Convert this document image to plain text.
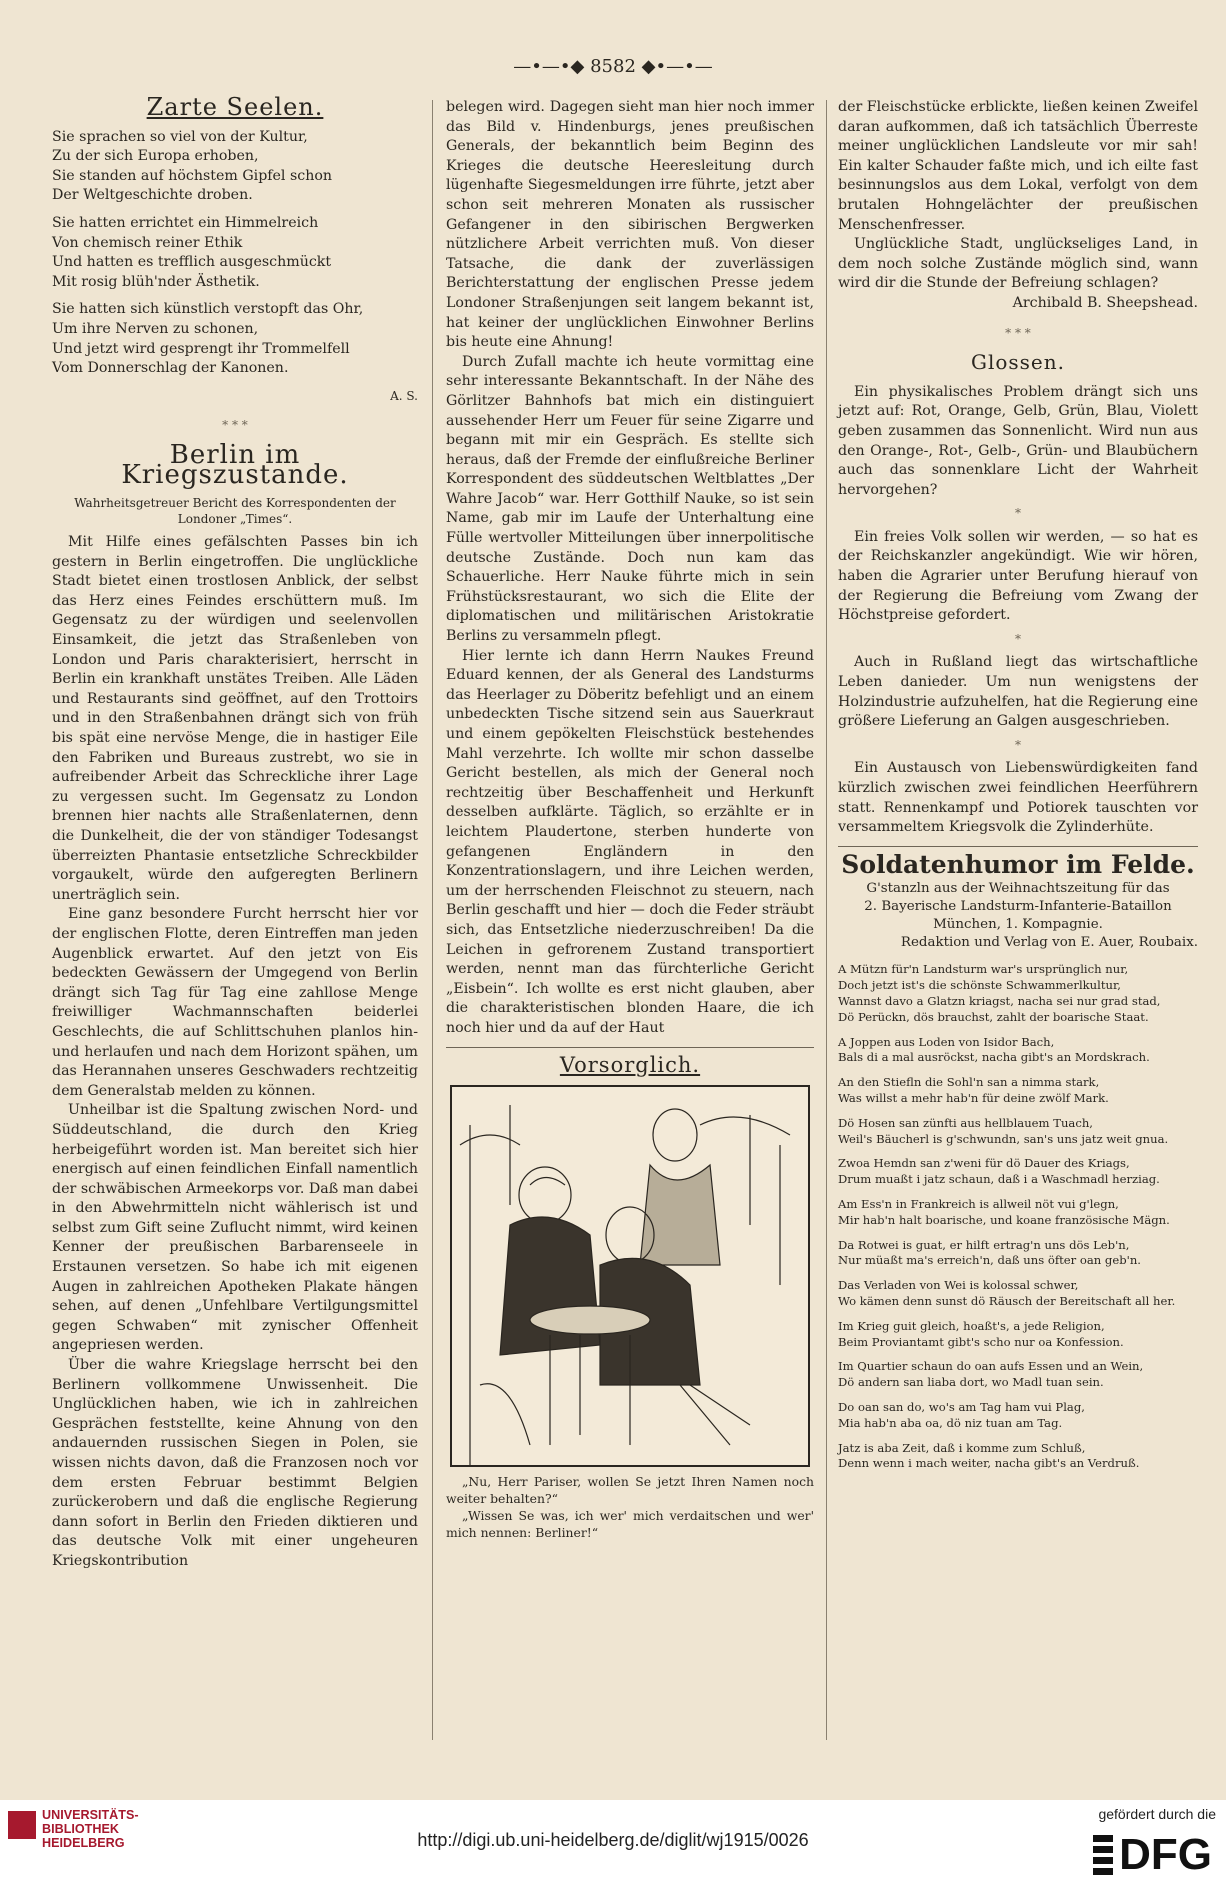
—•—•◆ 8582 ◆•—•—
Zarte Seelen.

Sie sprachen so viel von der Kultur,

Zu der sich Europa erhoben,

Sie standen auf höchstem Gipfel schon

Der Weltgeschichte droben.

Sie hatten errichtet ein Himmelreich

Von chemisch reiner Ethik

Und hatten es trefflich ausgeschmückt

Mit rosig blüh'nder Ästhetik.

Sie hatten sich künstlich verstopft das Ohr,

Um ihre Nerven zu schonen,

Und jetzt wird gesprengt ihr Trommelfell

Vom Donnerschlag der Kanonen.

A. S.
* * *
Berlin im Kriegszustande.
Wahrheitsgetreuer Bericht des Korrespondenten der Londoner „Times“.

Mit Hilfe eines gefälschten Passes bin ich gestern in Berlin eingetroffen. Die unglückliche Stadt bietet einen trostlosen Anblick, der selbst das Herz eines Feindes erschüttern muß. Im Gegensatz zu der würdigen und seelenvollen Einsamkeit, die jetzt das Straßenleben von London und Paris charakterisiert, herrscht in Berlin ein krankhaft unstätes Treiben. Alle Läden und Restaurants sind geöffnet, auf den Trottoirs und in den Straßenbahnen drängt sich von früh bis spät eine nervöse Menge, die in hastiger Eile den Fabriken und Bureaus zustrebt, wo sie in aufreibender Arbeit das Schreckliche ihrer Lage zu vergessen sucht. Im Gegensatz zu London brennen hier nachts alle Straßenlaternen, denn die Dunkelheit, die der von ständiger Todesangst überreizten Phantasie entsetzliche Schreckbilder vorgaukelt, würde den aufgeregten Berlinern unerträglich sein.

Eine ganz besondere Furcht herrscht hier vor der englischen Flotte, deren Eintreffen man jeden Augenblick erwartet. Auf den jetzt von Eis bedeckten Gewässern der Umgegend von Berlin drängt sich Tag für Tag eine zahllose Menge freiwilliger Wachmannschaften beiderlei Geschlechts, die auf Schlittschuhen planlos hin- und herlaufen und nach dem Horizont spähen, um das Herannahen unseres Geschwaders rechtzeitig dem Generalstab melden zu können.

Unheilbar ist die Spaltung zwischen Nord- und Süddeutschland, die durch den Krieg herbeigeführt worden ist. Man bereitet sich hier energisch auf einen feindlichen Einfall namentlich der schwäbischen Armeekorps vor. Daß man dabei in den Abwehrmitteln nicht wählerisch ist und selbst zum Gift seine Zuflucht nimmt, wird keinen Kenner der preußischen Barbarenseele in Erstaunen versetzen. So habe ich mit eigenen Augen in zahlreichen Apotheken Plakate hängen sehen, auf denen „Unfehlbare Vertilgungsmittel gegen Schwaben“ mit zynischer Offenheit angepriesen werden.

Über die wahre Kriegslage herrscht bei den Berlinern vollkommene Unwissenheit. Die Unglücklichen haben, wie ich in zahlreichen Gesprächen feststellte, keine Ahnung von den andauernden russischen Siegen in Polen, sie wissen nichts davon, daß die Franzosen noch vor dem ersten Februar bestimmt Belgien zurückerobern und daß die englische Regierung dann sofort in Berlin den Frieden diktieren und das deutsche Volk mit einer ungeheuren Kriegskontribution

belegen wird. Dagegen sieht man hier noch immer das Bild v. Hindenburgs, jenes preußischen Generals, der bekanntlich beim Beginn des Krieges die deutsche Heeresleitung durch lügenhafte Siegesmeldungen irre führte, jetzt aber schon seit mehreren Monaten als russischer Gefangener in den sibirischen Bergwerken nützlichere Arbeit verrichten muß. Von dieser Tatsache, die dank der zuverlässigen Berichterstattung der englischen Presse jedem Londoner Straßenjungen seit langem bekannt ist, hat keiner der unglücklichen Einwohner Berlins bis heute eine Ahnung!

Durch Zufall machte ich heute vormittag eine sehr interessante Bekanntschaft. In der Nähe des Görlitzer Bahnhofs bat mich ein distinguiert aussehender Herr um Feuer für seine Zigarre und begann mit mir ein Gespräch. Es stellte sich heraus, daß der Fremde der einflußreiche Berliner Korrespondent des süddeutschen Weltblattes „Der Wahre Jacob“ war. Herr Gotthilf Nauke, so ist sein Name, gab mir im Laufe der Unterhaltung eine Fülle wertvoller Mitteilungen über innerpolitische deutsche Zustände. Doch nun kam das Schauerliche. Herr Nauke führte mich in sein Frühstücksrestaurant, wo sich die Elite der diplomatischen und militärischen Aristokratie Berlins zu versammeln pflegt.

Hier lernte ich dann Herrn Naukes Freund Eduard kennen, der als General des Landsturms das Heerlager zu Döberitz befehligt und an einem unbedeckten Tische sitzend sein aus Sauerkraut und einem gepökelten Fleischstück bestehendes Mahl verzehrte. Ich wollte mir schon dasselbe Gericht bestellen, als mich der General noch rechtzeitig über Beschaffenheit und Herkunft desselben aufklärte. Täglich, so erzählte er in leichtem Plaudertone, sterben hunderte von gefangenen Engländern in den Konzentrationslagern, und ihre Leichen werden, um der herrschenden Fleischnot zu steuern, nach Berlin geschafft und hier — doch die Feder sträubt sich, das Entsetzliche niederzuschreiben! Da die Leichen in gefrorenem Zustand transportiert werden, nennt man das fürchterliche Gericht „Eisbein“. Ich wollte es erst nicht glauben, aber die charakteristischen blonden Haare, die ich noch hier und da auf der Haut

Vorsorglich.

„Nu, Herr Pariser, wollen Se jetzt Ihren Namen noch weiter behalten?“

„Wissen Se was, ich wer' mich verdaitschen und wer' mich nennen: Berliner!“

der Fleischstücke erblickte, ließen keinen Zweifel daran aufkommen, daß ich tatsächlich Überreste meiner unglücklichen Landsleute vor mir sah! Ein kalter Schauder faßte mich, und ich eilte fast besinnungslos aus dem Lokal, verfolgt von dem brutalen Hohngelächter der preußischen Menschenfresser.

Unglückliche Stadt, unglückseliges Land, in dem noch solche Zustände möglich sind, wann wird dir die Stunde der Befreiung schlagen?

Archibald B. Sheepshead.
* * *
Glossen.

Ein physikalisches Problem drängt sich uns jetzt auf: Rot, Orange, Gelb, Grün, Blau, Violett geben zusammen das Sonnenlicht. Wird nun aus den Orange-, Rot-, Gelb-, Grün- und Blaubüchern auch das sonnenklare Licht der Wahrheit hervorgehen?

*

Ein freies Volk sollen wir werden, — so hat es der Reichskanzler angekündigt. Wie wir hören, haben die Agrarier unter Berufung hierauf von der Regierung die Befreiung vom Zwang der Höchstpreise gefordert.

*

Auch in Rußland liegt das wirtschaftliche Leben danieder. Um nun wenigstens der Holzindustrie aufzuhelfen, hat die Regierung eine größere Lieferung an Galgen ausgeschrieben.

*

Ein Austausch von Liebenswürdigkeiten fand kürzlich zwischen zwei feindlichen Heerführern statt. Rennenkampf und Potiorek tauschten vor versammeltem Kriegsvolk die Zylinderhüte.

Soldatenhumor im Felde.
G'stanzln aus der Weihnachtszeitung für das
2. Bayerische Landsturm-Infanterie-Bataillon
München, 1. Kompagnie.
Redaktion und Verlag von E. Auer, Roubaix.

A Mützn für'n Landsturm war's ursprünglich nur,

Doch jetzt ist's die schönste Schwammerlkultur,

Wannst davo a Glatzn kriagst, nacha sei nur grad stad,

Dö Perückn, dös brauchst, zahlt der boarische Staat.

A Joppen aus Loden von Isidor Bach,

Bals di a mal ausröckst, nacha gibt's an Mordskrach.

An den Stiefln die Sohl'n san a nimma stark,

Was willst a mehr hab'n für deine zwölf Mark.

Dö Hosen san zünfti aus hellblauem Tuach,

Weil's Bäucherl is g'schwundn, san's uns jatz weit gnua.

Zwoa Hemdn san z'weni für dö Dauer des Kriags,

Drum muaßt i jatz schaun, daß i a Waschmadl herziag.

Am Ess'n in Frankreich is allweil nöt vui g'legn,

Mir hab'n halt boarische, und koane französische Mägn.

Da Rotwei is guat, er hilft ertrag'n uns dös Leb'n,

Nur müaßt ma's erreich'n, daß uns öfter oan geb'n.

Das Verladen von Wei is kolossal schwer,

Wo kämen denn sunst dö Räusch der Bereitschaft all her.

Im Krieg guit gleich, hoaßt's, a jede Religion,

Beim Proviantamt gibt's scho nur oa Konfession.

Im Quartier schaun do oan aufs Essen und an Wein,

Dö andern san liaba dort, wo Madl tuan sein.

Do oan san do, wo's am Tag ham vui Plag,

Mia hab'n aba oa, dö niz tuan am Tag.

Jatz is aba Zeit, daß i komme zum Schluß,

Denn wenn i mach weiter, nacha gibt's an Verdruß.

UNIVERSITÄTS-
BIBLIOTHEK
HEIDELBERG	http://digi.ub.uni-heidelberg.de/diglit/wj1915/0026
gefördert durch die
DFG
